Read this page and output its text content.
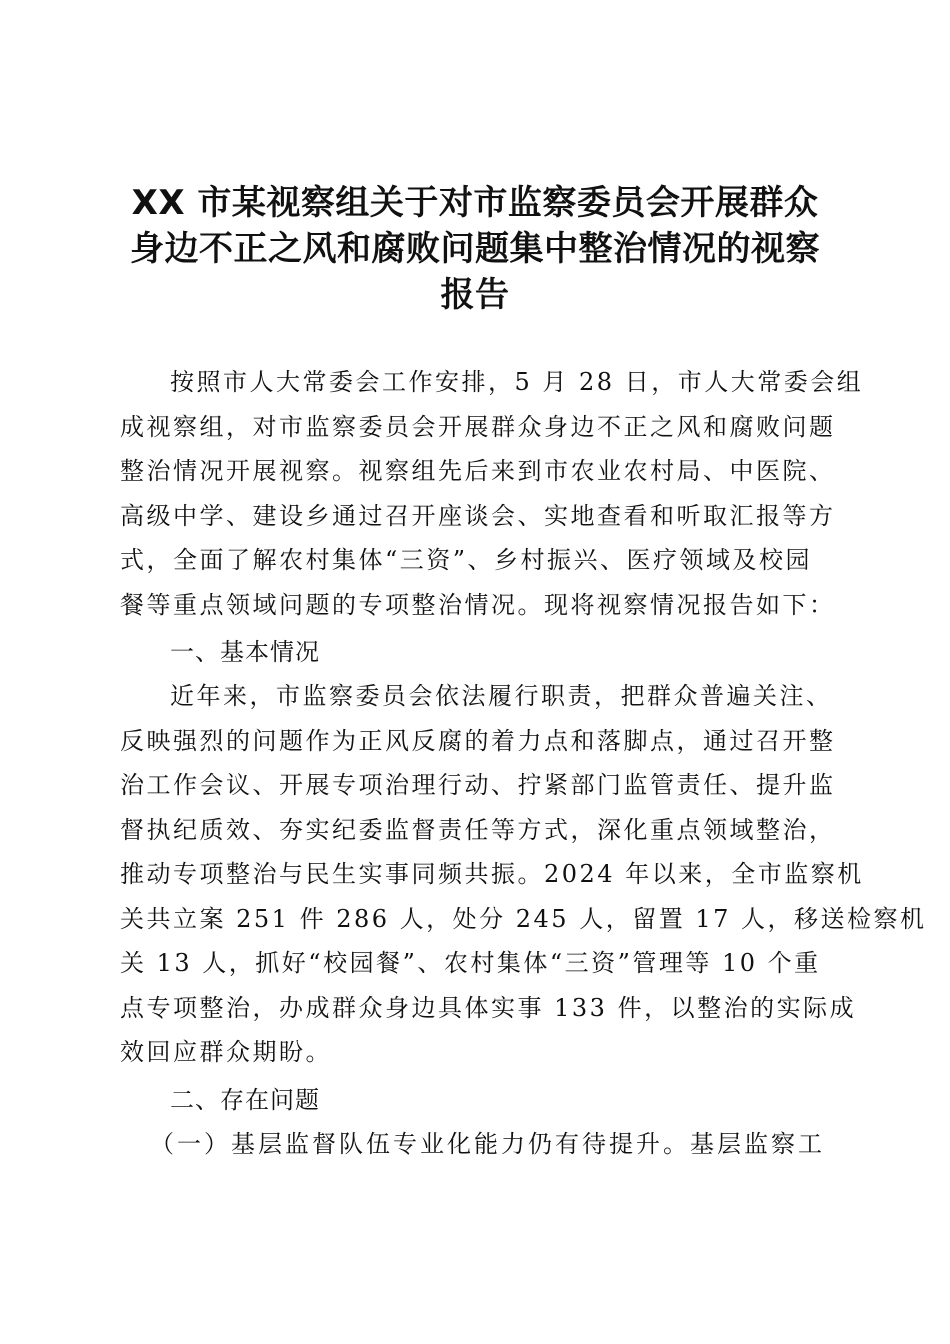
XX 市某视察组关于对市监察委员会开展群众
身边不正之风和腐败问题集中整治情况的视察
报告
按照市人大常委会工作安排，5 月 28 日，市人大常委会组
成视察组，对市监察委员会开展群众身边不正之风和腐败问题
整治情况开展视察。视察组先后来到市农业农村局、中医院、
高级中学、建设乡通过召开座谈会、实地查看和听取汇报等方
式，全面了解农村集体“三资”、乡村振兴、医疗领域及校园
餐等重点领域问题的专项整治情况。现将视察情况报告如下：
一、基本情况
近年来，市监察委员会依法履行职责，把群众普遍关注、
反映强烈的问题作为正风反腐的着力点和落脚点，通过召开整
治工作会议、开展专项治理行动、拧紧部门监管责任、提升监
督执纪质效、夯实纪委监督责任等方式，深化重点领域整治，
推动专项整治与民生实事同频共振。2024 年以来，全市监察机
关共立案 251 件 286 人，处分 245 人，留置 17 人，移送检察机
关 13 人，抓好“校园餐”、农村集体“三资”管理等 10 个重
点专项整治，办成群众身边具体实事 133 件，以整治的实际成
效回应群众期盼。
二、存在问题
（一）基层监督队伍专业化能力仍有待提升。基层监察工
